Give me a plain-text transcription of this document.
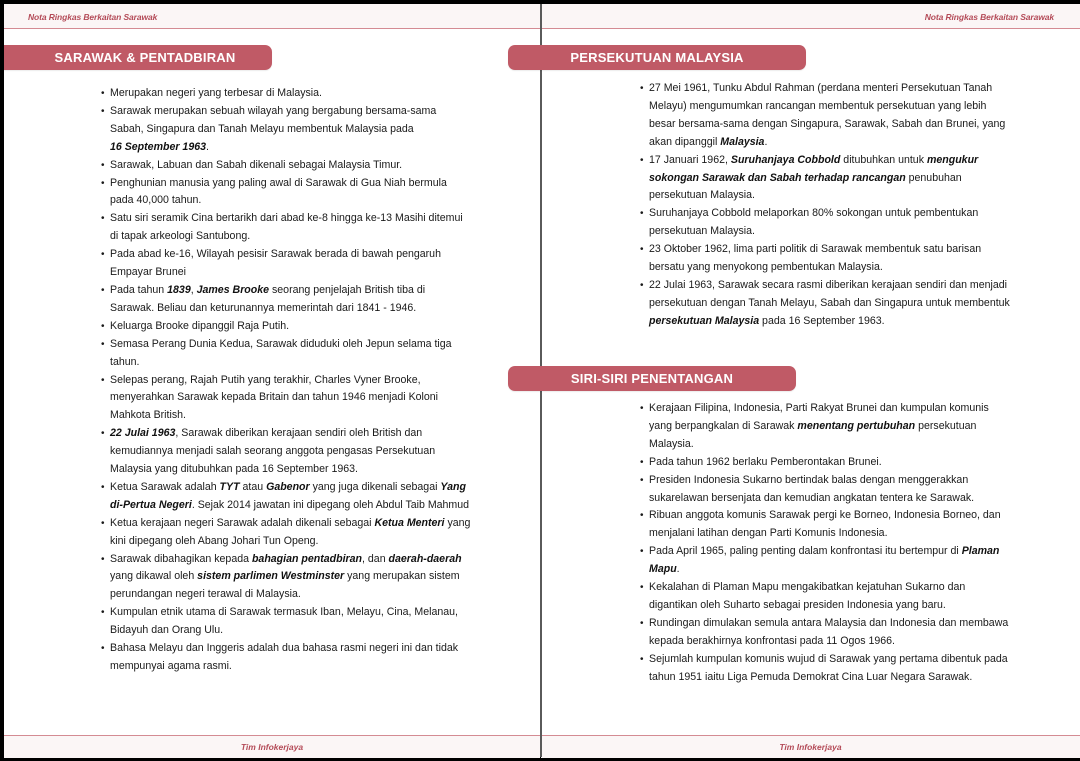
Nota Ringkas Berkaitan Sarawak
SARAWAK & PENTADBIRAN
• Merupakan negeri yang terbesar di Malaysia.
• Sarawak merupakan sebuah wilayah yang bergabung bersama-sama Sabah, Singapura dan Tanah Melayu membentuk Malaysia pada
16 September 1963.
• Sarawak, Labuan dan Sabah dikenali sebagai Malaysia Timur.
• Penghunian manusia yang paling awal di Sarawak di Gua Niah bermula pada 40,000 tahun.
• Satu siri seramik Cina bertarikh dari abad ke-8 hingga ke-13 Masihi ditemui di tapak arkeologi Santubong.
• Pada abad ke-16, Wilayah pesisir Sarawak berada di bawah pengaruh Empayar Brunei
• Pada tahun 1839, James Brooke seorang penjelajah British tiba di Sarawak. Beliau dan keturunannya memerintah dari 1841 - 1946.
• Keluarga Brooke dipanggil Raja Putih.
• Semasa Perang Dunia Kedua, Sarawak diduduki oleh Jepun selama tiga tahun.
• Selepas perang, Rajah Putih yang terakhir, Charles Vyner Brooke, menyerahkan Sarawak kepada Britain dan tahun 1946 menjadi Koloni Mahkota British.
• 22 Julai 1963, Sarawak diberikan kerajaan sendiri oleh British dan kemudiannya menjadi salah seorang anggota pengasas Persekutuan Malaysia yang ditubuhkan pada 16 September 1963.
• Ketua Sarawak adalah TYT atau Gabenor yang juga dikenali sebagai Yang di-Pertua Negeri. Sejak 2014 jawatan ini dipegang oleh Abdul Taib Mahmud
• Ketua kerajaan negeri Sarawak adalah dikenali sebagai Ketua Menteri yang kini dipegang oleh Abang Johari Tun Openg.
• Sarawak dibahagikan kepada bahagian pentadbiran, dan daerah-daerah yang dikawal oleh sistem parlimen Westminster yang merupakan sistem perundangan negeri terawal di Malaysia.
• Kumpulan etnik utama di Sarawak termasuk Iban, Melayu, Cina, Melanau, Bidayuh dan Orang Ulu.
• Bahasa Melayu dan Inggeris adalah dua bahasa rasmi negeri ini dan tidak mempunyai agama rasmi.
Tim Infokerjaya
Nota Ringkas Berkaitan Sarawak
• 27 Mei 1961, Tunku Abdul Rahman (perdana menteri Persekutuan Tanah Melayu) mengumumkan rancangan membentuk persekutuan yang lebih besar bersama-sama dengan Singapura, Sarawak, Sabah dan Brunei, yang akan dipanggil Malaysia.
• 17 Januari 1962, Suruhanjaya Cobbold ditubuhkan untuk mengukur sokongan Sarawak dan Sabah terhadap rancangan penubuhan persekutuan Malaysia.
• Suruhanjaya Cobbold melaporkan 80% sokongan untuk pembentukan persekutuan Malaysia.
• 23 Oktober 1962, lima parti politik di Sarawak membentuk satu barisan bersatu yang menyokong pembentukan Malaysia.
• 22 Julai 1963, Sarawak secara rasmi diberikan kerajaan sendiri dan menjadi persekutuan dengan Tanah Melayu, Sabah dan Singapura untuk membentuk persekutuan Malaysia pada 16 September 1963.
• Kerajaan Filipina, Indonesia, Parti Rakyat Brunei dan kumpulan komunis yang berpangkalan di Sarawak menentang pertubuhan persekutuan Malaysia.
• Pada tahun 1962 berlaku Pemberontakan Brunei.
• Presiden Indonesia Sukarno bertindak balas dengan menggerakkan sukarelawan bersenjata dan kemudian angkatan tentera ke Sarawak.
• Ribuan anggota komunis Sarawak pergi ke Borneo, Indonesia Borneo, dan menjalani latihan dengan Parti Komunis Indonesia.
• Pada April 1965, paling penting dalam konfrontasi itu bertempur di Plaman Mapu.
• Kekalahan di Plaman Mapu mengakibatkan kejatuhan Sukarno dan digantikan oleh Suharto sebagai presiden Indonesia yang baru.
• Rundingan dimulakan semula antara Malaysia dan Indonesia dan membawa kepada berakhirnya konfrontasi pada 11 Ogos 1966.
• Sejumlah kumpulan komunis wujud di Sarawak yang pertama dibentuk pada tahun 1951 iaitu Liga Pemuda Demokrat Cina Luar Negara Sarawak.
Tim Infokerjaya
PERSEKUTUAN MALAYSIA
SIRI-SIRI PENENTANGAN
